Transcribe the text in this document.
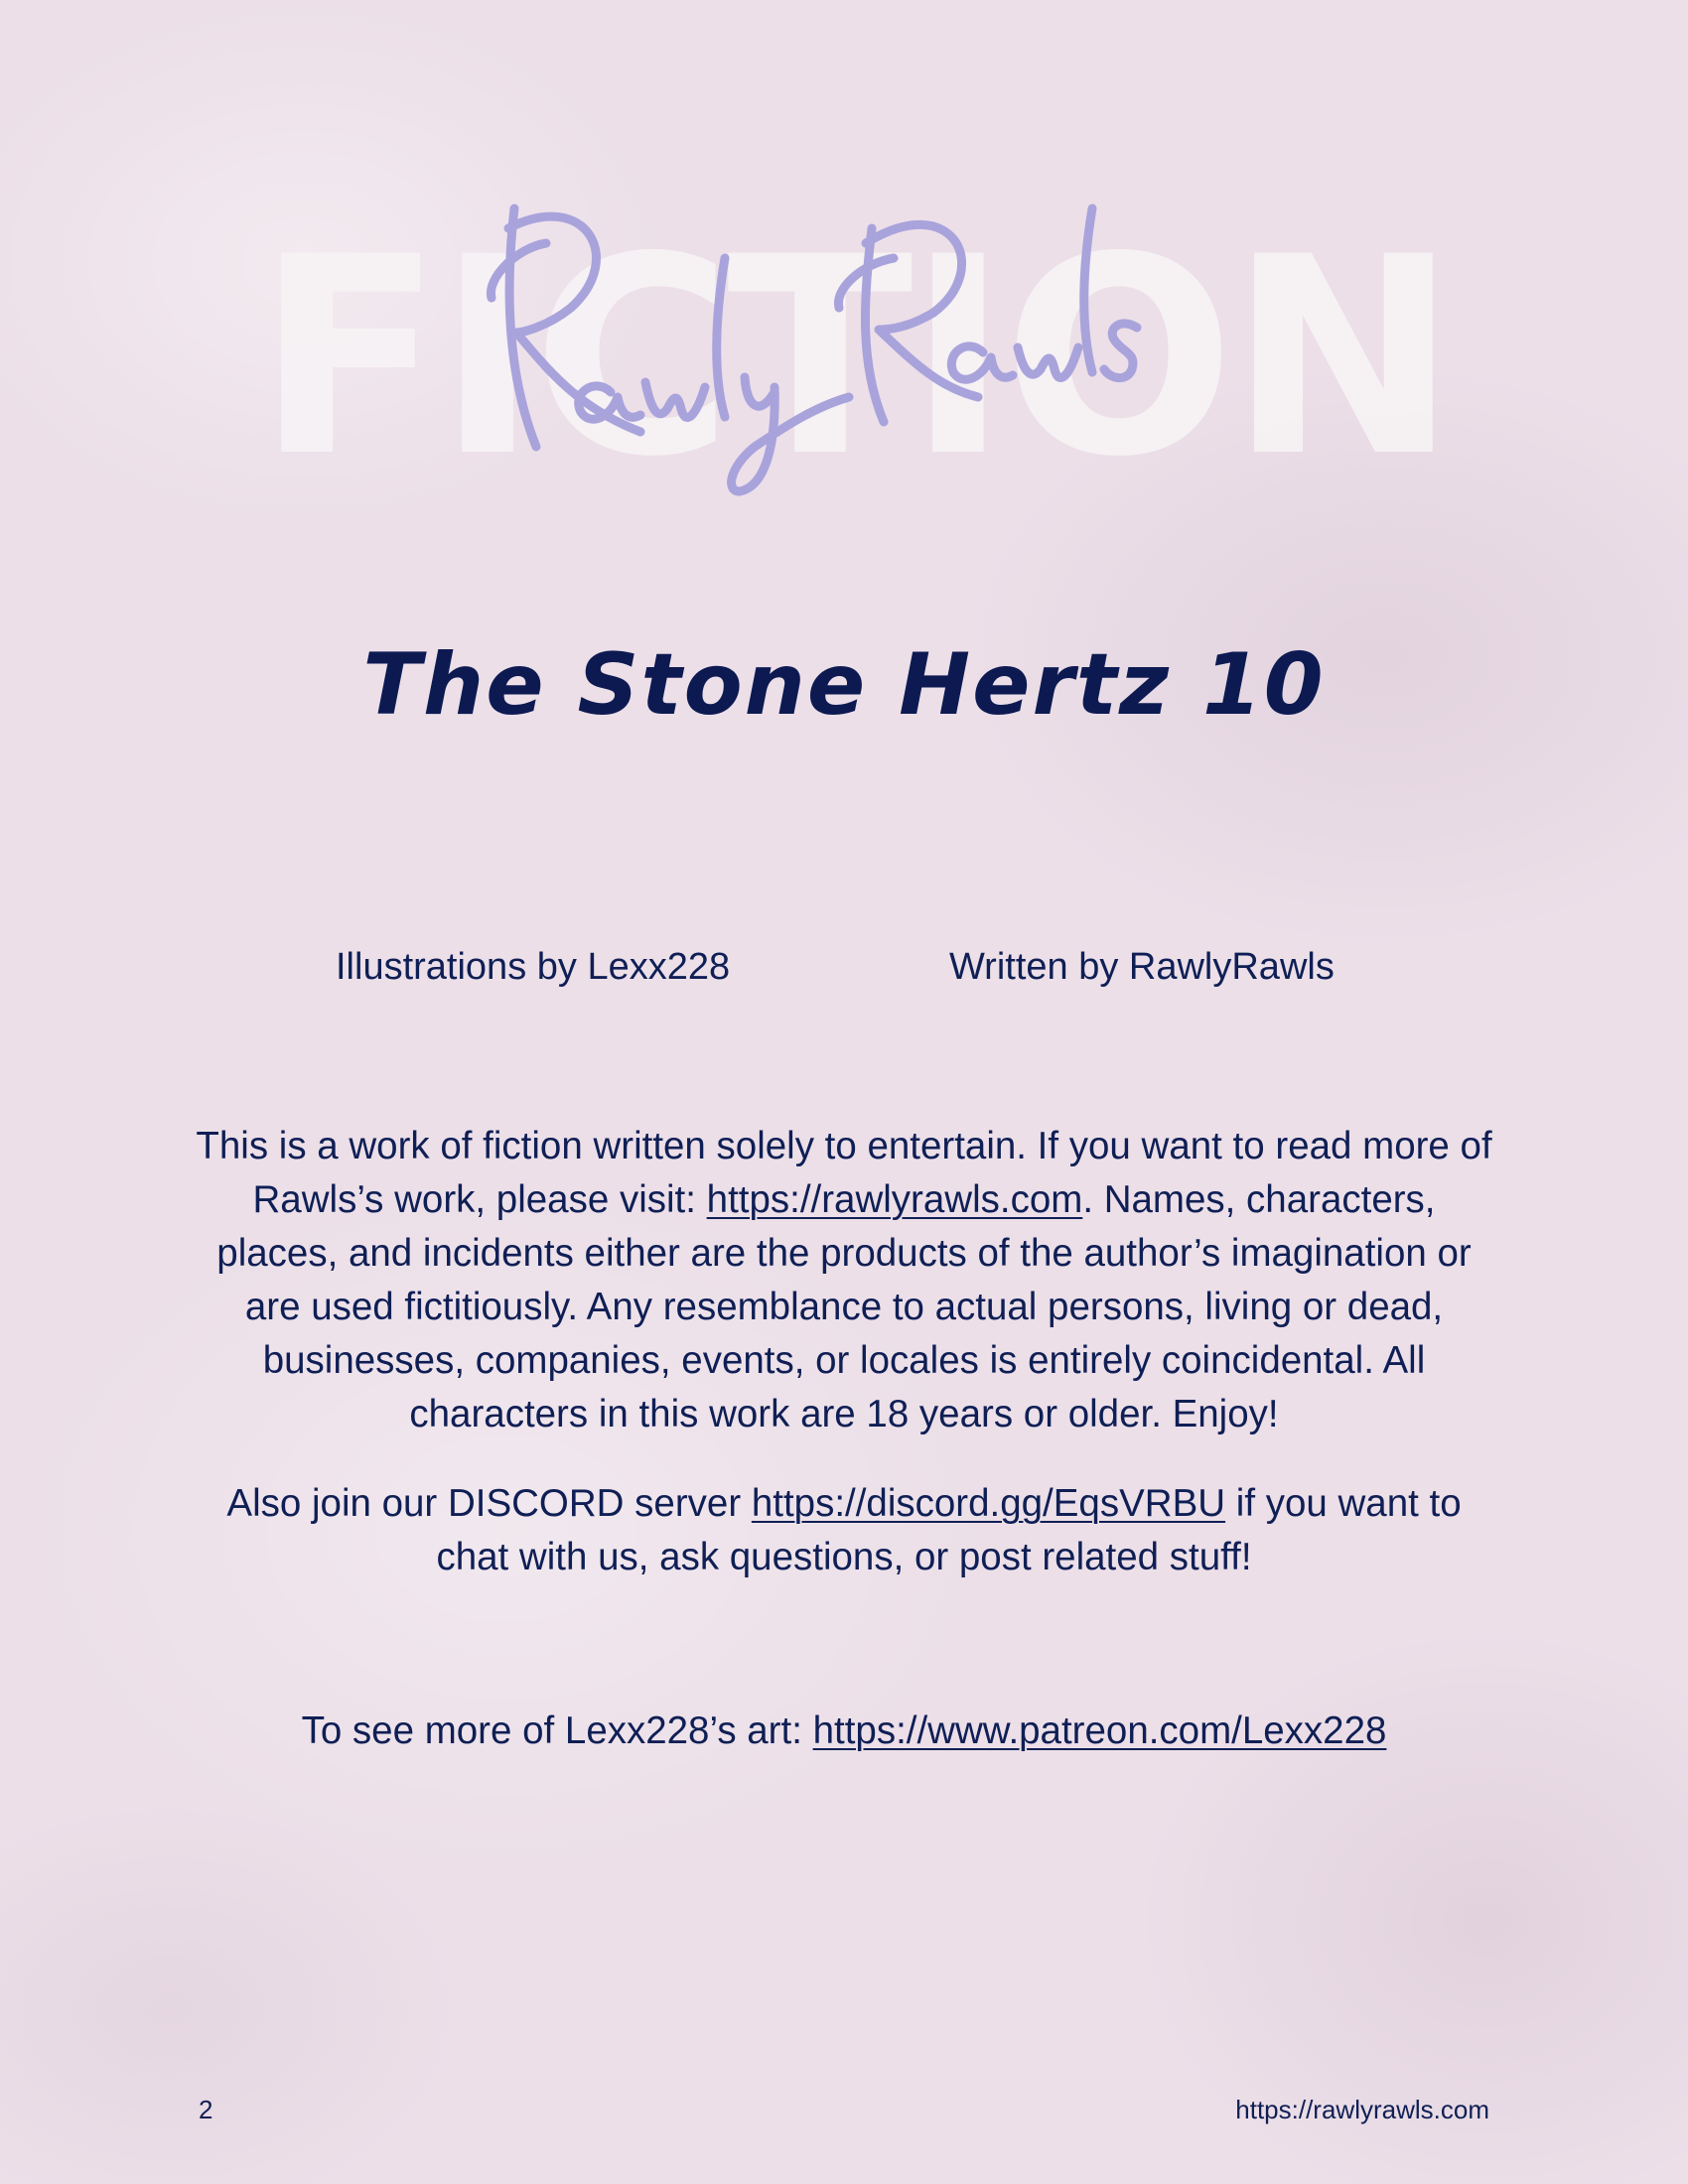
FICTION
The Stone Hertz 10
Illustrations by Lexx228	Written by RawlyRawls
This is a work of fiction written solely to entertain. If you want to read more of Rawls’s work, please visit: https://rawlyrawls.com. Names, characters, places, and incidents either are the products of the author’s imagination or are used fictitiously. Any resemblance to actual persons, living or dead, businesses, companies, events, or locales is entirely coincidental. All characters in this work are 18 years or older. Enjoy!
Also join our DISCORD server https://discord.gg/EqsVRBU if you want to chat with us, ask questions, or post related stuff!
To see more of Lexx228’s art: https://www.patreon.com/Lexx228
2	https://rawlyrawls.com
